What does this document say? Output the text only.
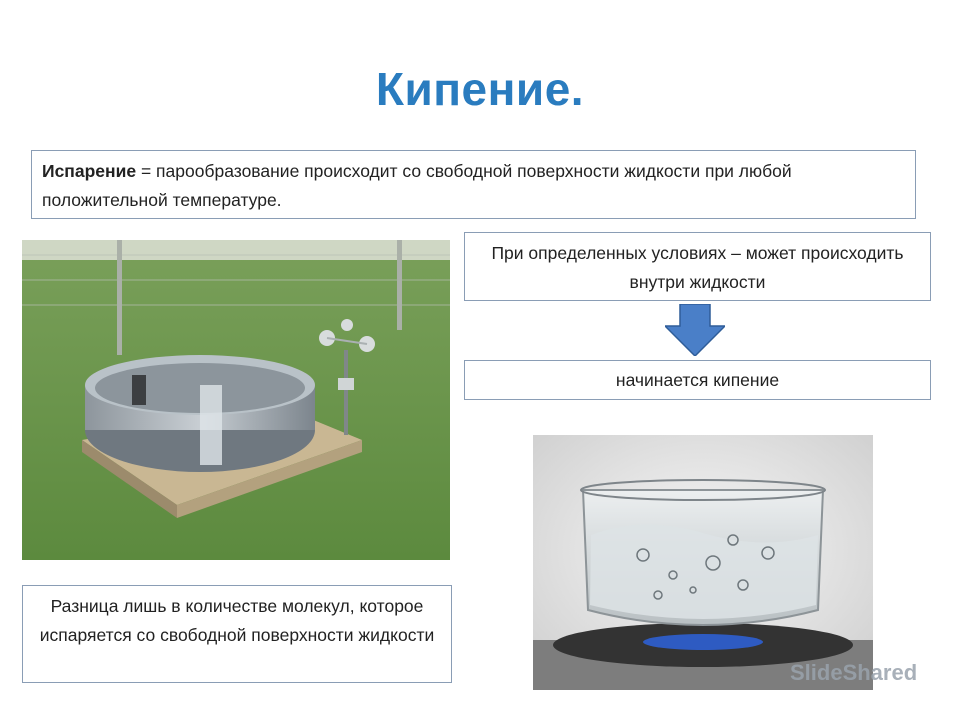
Кипение.
Испарение = парообразование происходит со свободной поверхности жидкости при любой положительной температуре.
При определенных условиях – может происходить внутри жидкости
начинается кипение
Разница лишь в количестве молекул, которое испаряется со свободной поверхности жидкости
SlideShared
